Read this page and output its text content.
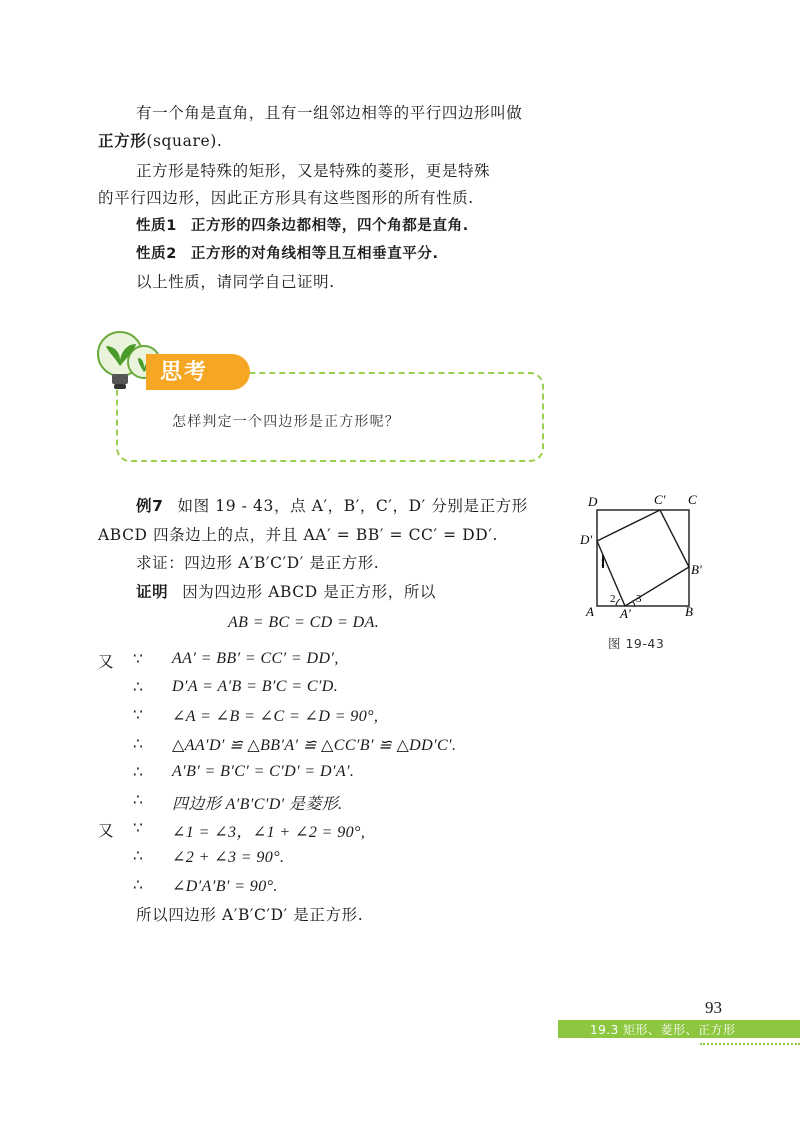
有一个角是直角，且有一组邻边相等的平行四边形叫做
正方形(square).
正方形是特殊的矩形，又是特殊的菱形，更是特殊
的平行四边形，因此正方形具有这些图形的所有性质.
性质1 正方形的四条边都相等，四个角都是直角.
性质2 正方形的对角线相等且互相垂直平分.
以上性质，请同学自己证明.
思考
怎样判定一个四边形是正方形呢？
例7 如图 19 - 43，点 A′，B′，C′，D′ 分别是正方形
ABCD 四条边上的点，并且 AA′ = BB′ = CC′ = DD′.
求证：四边形 A′B′C′D′ 是正方形.
证明 因为四边形 ABCD 是正方形，所以
AB = BC = CD = DA.
又 ∵ AA′ = BB′ = CC′ = DD′,
∴ D′A = A′B = B′C = C′D.
∵ ∠A = ∠B = ∠C = ∠D = 90°,
∴ △AA′D′ ≌ △BB′A′ ≌ △CC′B′ ≌ △DD′C′.
∴ A′B′ = B′C′ = C′D′ = D′A′.
∴ 四边形 A′B′C′D′ 是菱形.
又 ∵ ∠1 = ∠3，∠1 + ∠2 = 90°,
∴ ∠2 + ∠3 = 90°.
∴ ∠D′A′B′ = 90°.
所以四边形 A′B′C′D′ 是正方形.
D	C′ C
D′
B′
A A′	B
1
2 3
图 19-43
93
19.3 矩形、菱形、正方形
